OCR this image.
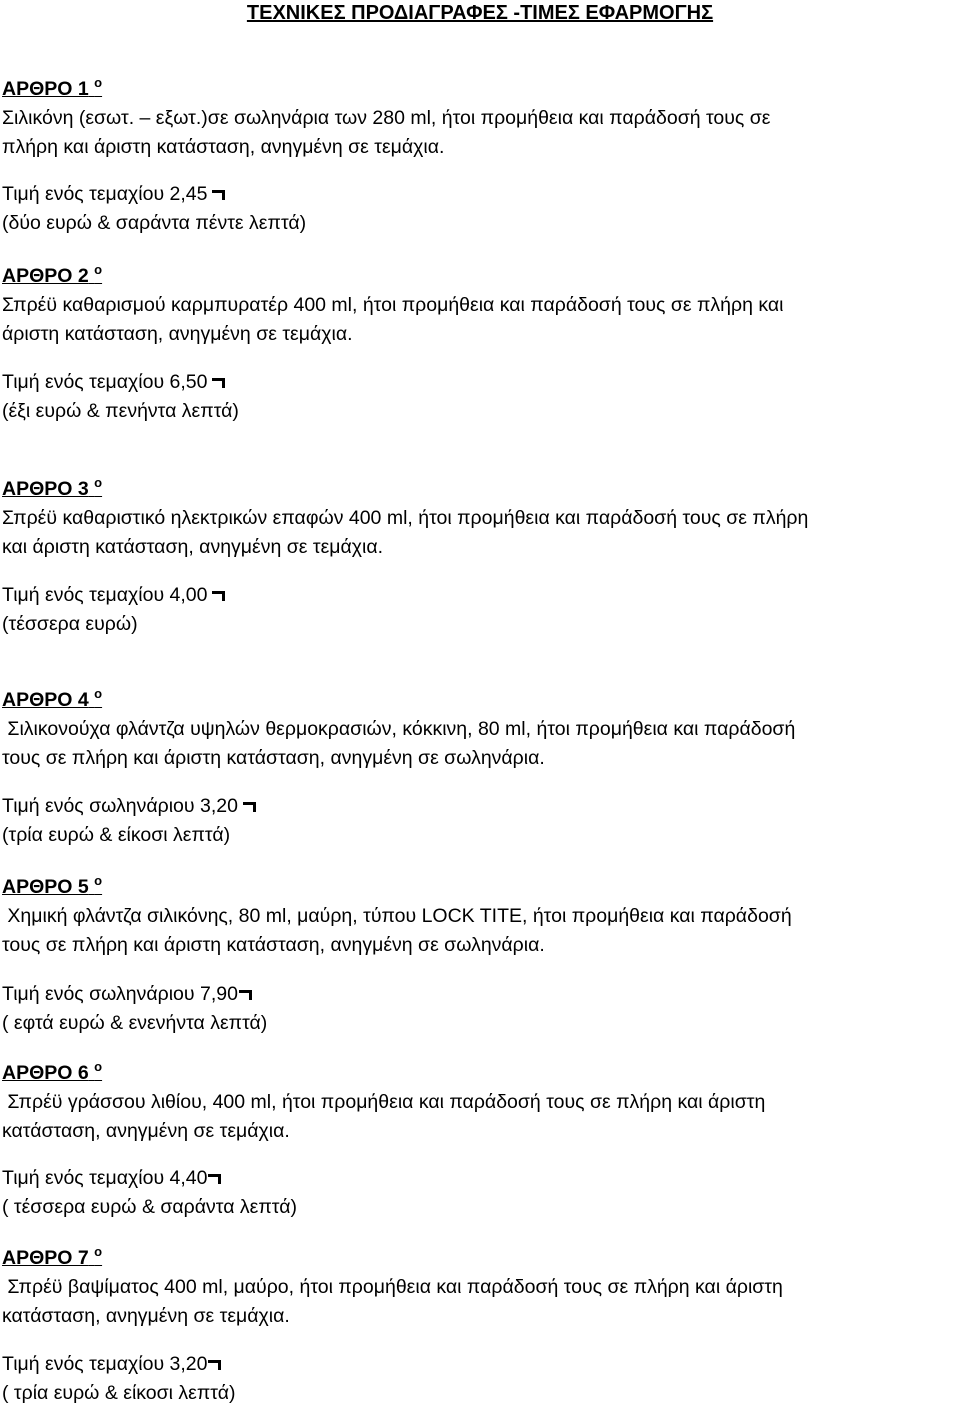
ΤΕΧΝΙΚΕΣ ΠΡΟΔΙΑΓΡΑΦΕΣ -ΤΙΜΕΣ ΕΦΑΡΜΟΓΗΣ
ΑΡΘΡΟ 1 $^o$
Σιλικόνη (εσωτ. – εξωτ.)σε σωληνάρια των 280 ml, ήτοι προμήθεια και παράδοσή τους σε
πλήρη και άριστη κατάσταση, ανηγμένη σε τεμάχια.
Τιμή ενός τεμαχίου 2,45
(δύο ευρώ & σαράντα πέντε λεπτά)
ΑΡΘΡΟ 2 $^o$
Σπρέϋ καθαρισμού καρμπυρατέρ 400 ml, ήτοι προμήθεια και παράδοσή τους σε πλήρη και
άριστη κατάσταση, ανηγμένη σε τεμάχια.
Τιμή ενός τεμαχίου 6,50
(έξι ευρώ & πενήντα λεπτά)
ΑΡΘΡΟ 3 $^o$
Σπρέϋ καθαριστικό ηλεκτρικών επαφών 400 ml, ήτοι προμήθεια και παράδοσή τους σε πλήρη
και άριστη κατάσταση, ανηγμένη σε τεμάχια.
Τιμή ενός τεμαχίου 4,00
(τέσσερα ευρώ)
ΑΡΘΡΟ 4 $^o$
Σιλικονούχα φλάντζα υψηλών θερμοκρασιών, κόκκινη, 80 ml, ήτοι προμήθεια και παράδοσή
τους σε πλήρη και άριστη κατάσταση, ανηγμένη σε σωληνάρια.
Τιμή ενός σωληνάριου 3,20
(τρία ευρώ & είκοσι λεπτά)
ΑΡΘΡΟ 5 $^o$
Χημική φλάντζα σιλικόνης, 80 ml, μαύρη, τύπου LOCK TITE, ήτοι προμήθεια και παράδοσή
τους σε πλήρη και άριστη κατάσταση, ανηγμένη σε σωληνάρια.
Τιμή ενός σωληνάριου 7,90
( εφτά ευρώ & ενενήντα λεπτά)
ΑΡΘΡΟ 6 $^o$
Σπρέϋ γράσσου λιθίου, 400 ml, ήτοι προμήθεια και παράδοσή τους σε πλήρη και άριστη
κατάσταση, ανηγμένη σε τεμάχια.
Τιμή ενός τεμαχίου 4,40
( τέσσερα ευρώ & σαράντα λεπτά)
ΑΡΘΡΟ 7 $^o$
Σπρέϋ βαψίματος 400 ml, μαύρο, ήτοι προμήθεια και παράδοσή τους σε πλήρη και άριστη
κατάσταση, ανηγμένη σε τεμάχια.
Τιμή ενός τεμαχίου 3,20
( τρία ευρώ & είκοσι λεπτά)
